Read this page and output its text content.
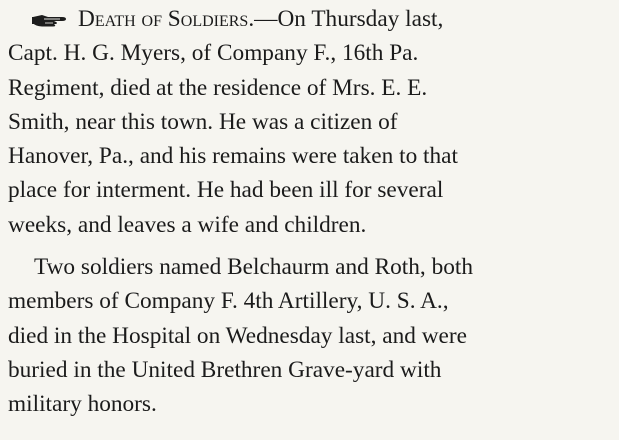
Death of Soldiers.—On Thursday last,
Capt. H. G. Myers, of Company F., 16th Pa.
Regiment, died at the residence of Mrs. E. E.
Smith, near this town. He was a citizen of
Hanover, Pa., and his remains were taken to that
place for interment. He had been ill for several
weeks, and leaves a wife and children.
Two soldiers named Belchaurm and Roth, both
members of Company F. 4th Artillery, U. S. A.,
died in the Hospital on Wednesday last, and were
buried in the United Brethren Grave-yard with
military honors.
